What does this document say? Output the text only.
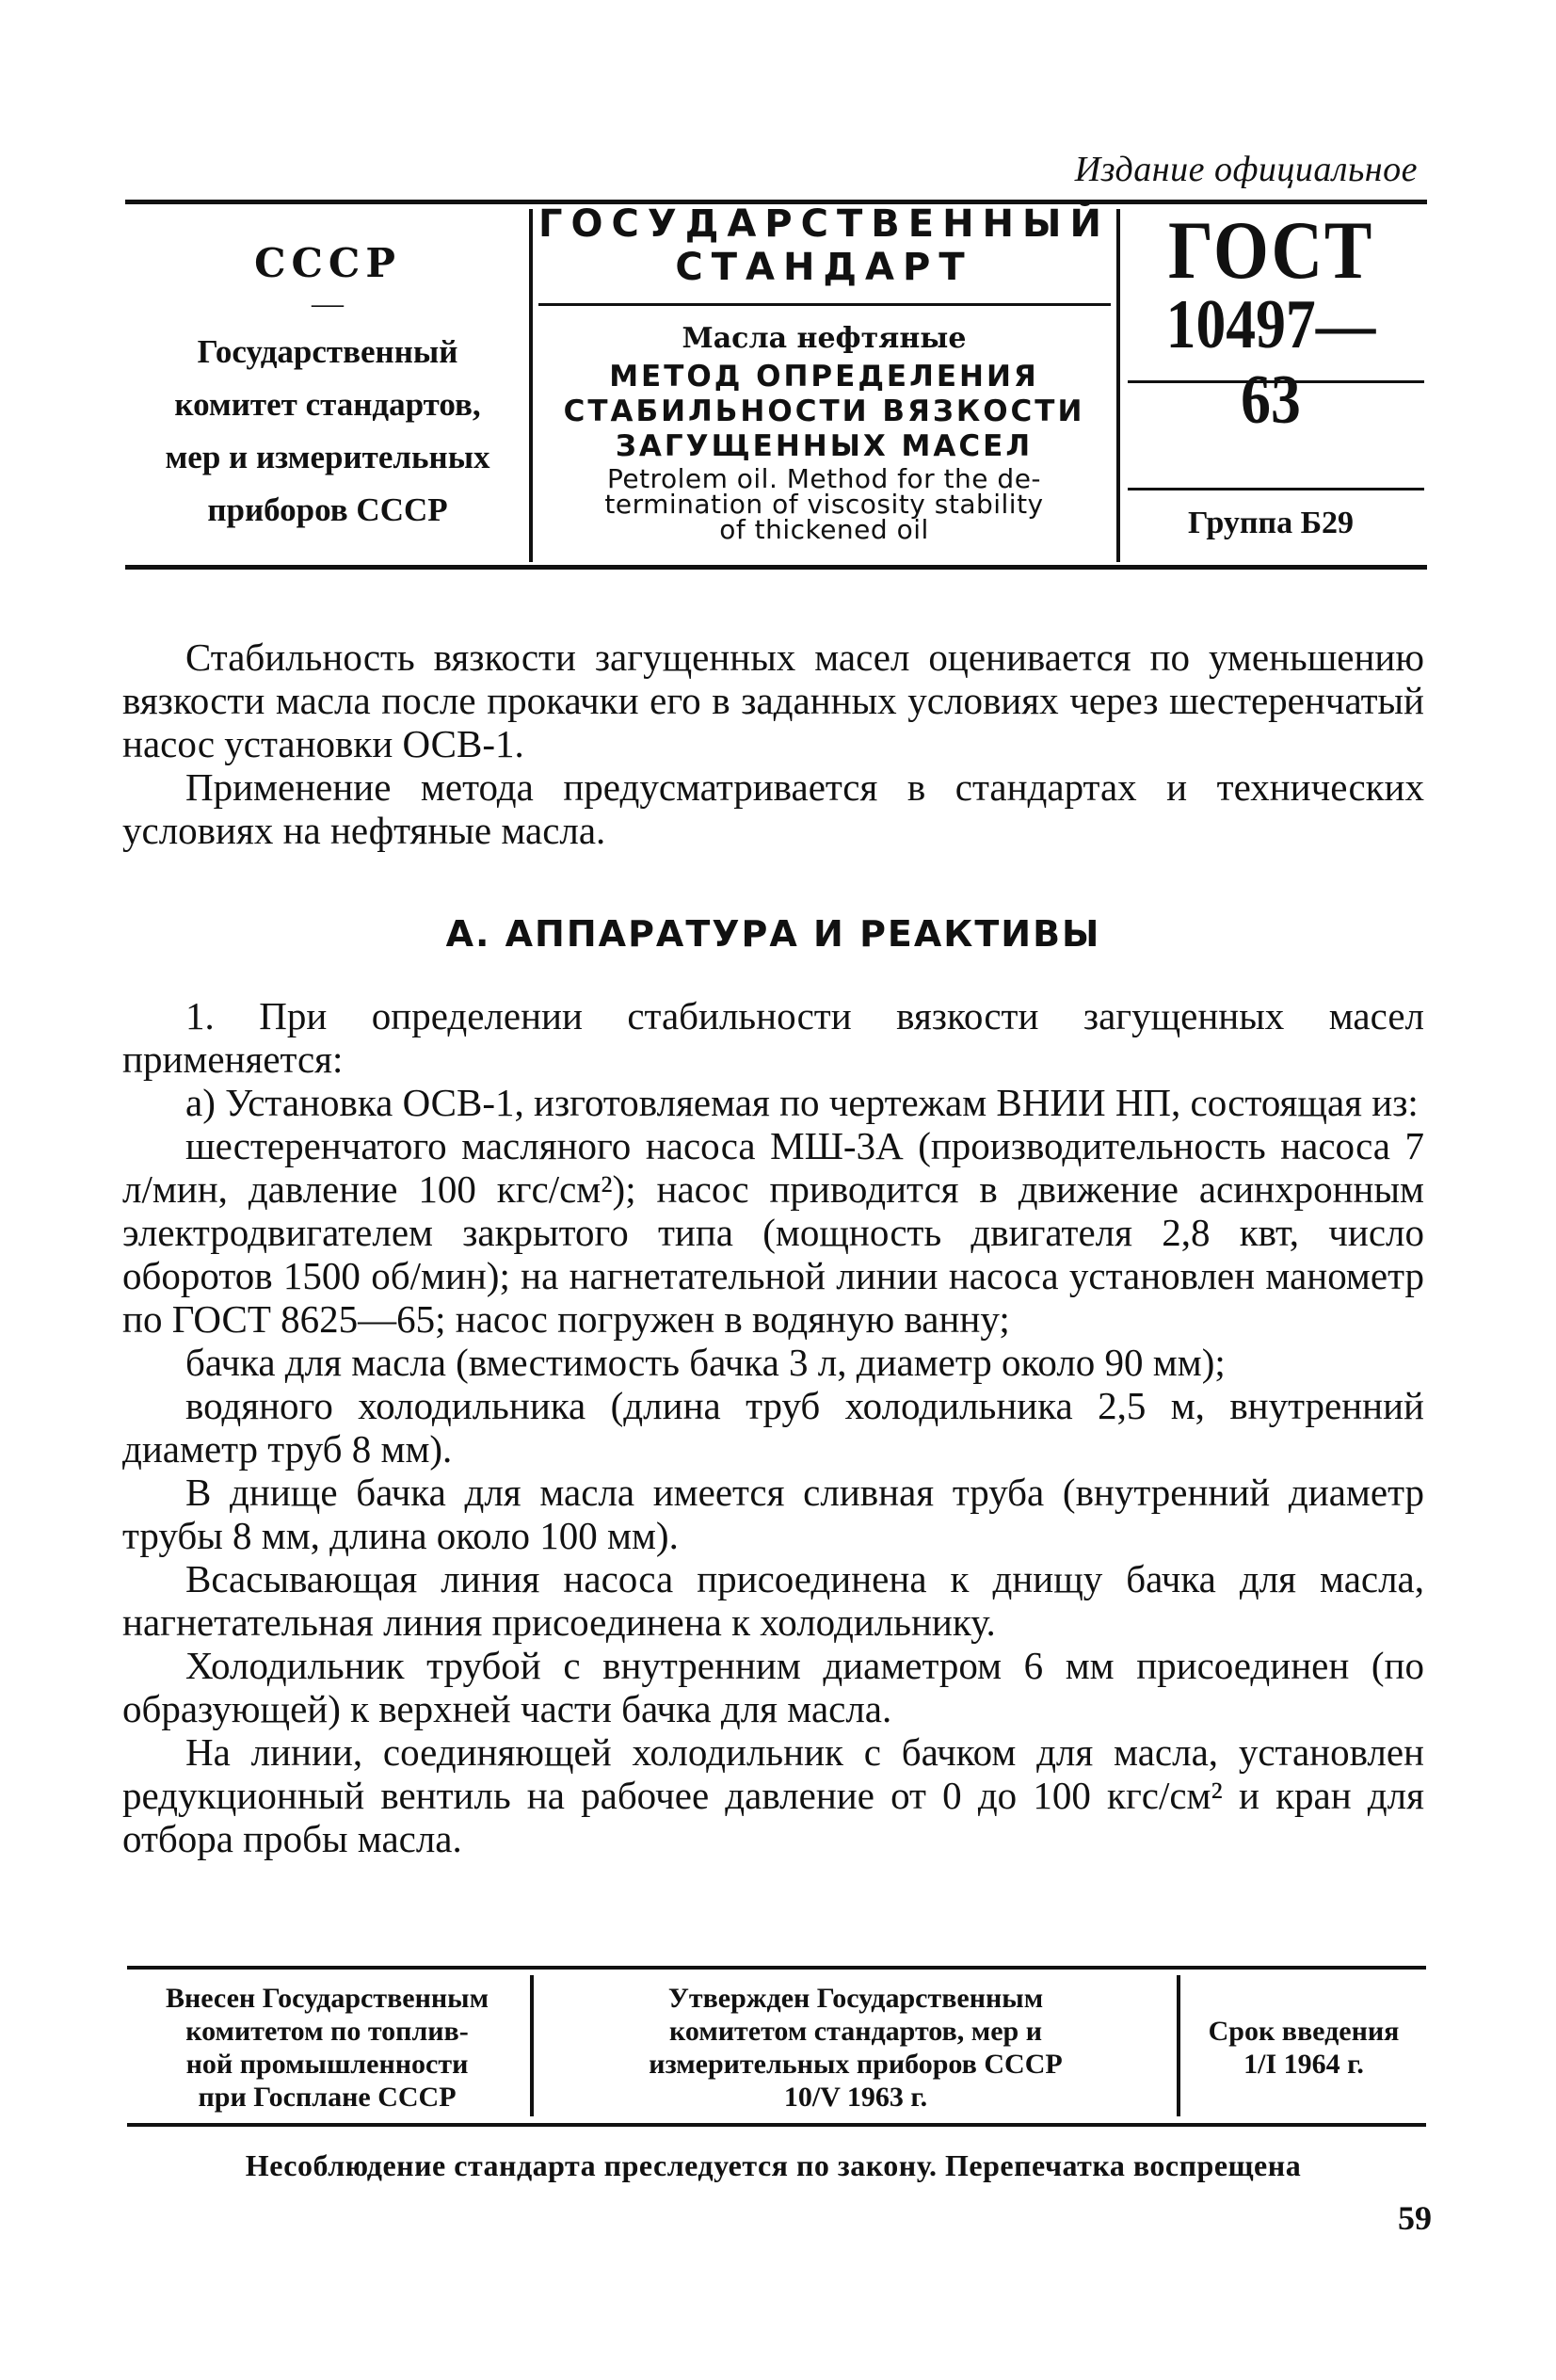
Издание официальное
СССР
—
Государственный
комитет стандартов,
мер и измерительных
приборов СССР
ГОСУДАРСТВЕННЫЙ
СТАНДАРТ
Масла нефтяные
МЕТОД ОПРЕДЕЛЕНИЯ
СТАБИЛЬНОСТИ ВЯЗКОСТИ
ЗАГУЩЕННЫХ МАСЕЛ
Petrolem oil. Method for the de-
termination of viscosity stability
of thickened oil
ГОСТ
10497—63
Группа Б29

Стабильность вязкости загущенных масел оценивается по уменьшению вязкости масла после прокачки его в заданных условиях через шестеренчатый насос установки ОСВ-1.

Применение метода предусматривается в стандартах и технических условиях на нефтяные масла.

А. АППАРАТУРА И РЕАКТИВЫ

1. При определении стабильности вязкости загущенных масел применяется:

а) Установка ОСВ-1, изготовляемая по чертежам ВНИИ НП, состоящая из:

шестеренчатого масляного насоса МШ-3А (производительность насоса 7 л/мин, давление 100 кгс/см²); насос приводится в движение асинхронным электродвигателем закрытого типа (мощность двигателя 2,8 квт, число оборотов 1500 об/мин); на нагнетательной линии насоса установлен манометр по ГОСТ 8625—65; насос погружен в водяную ванну;

бачка для масла (вместимость бачка 3 л, диаметр около 90 мм);

водяного холодильника (длина труб холодильника 2,5 м, внутренний диаметр труб 8 мм).

В днище бачка для масла имеется сливная труба (внутренний диаметр трубы 8 мм, длина около 100 мм).

Всасывающая линия насоса присоединена к днищу бачка для масла, нагнетательная линия присоединена к холодильнику.

Холодильник трубой с внутренним диаметром 6 мм присоединен (по образующей) к верхней части бачка для масла.

На линии, соединяющей холодильник с бачком для масла, установлен редукционный вентиль на рабочее давление от 0 до 100 кгс/см² и кран для отбора пробы масла.

Внесен Государственным
комитетом по топлив-
ной промышленности
при Госплане СССР
Утвержден Государственным
комитетом стандартов, мер и
измерительных приборов СССР
10/V 1963 г.
Срок введения
1/I 1964 г.
Несоблюдение стандарта преследуется по закону. Перепечатка воспрещена
59
